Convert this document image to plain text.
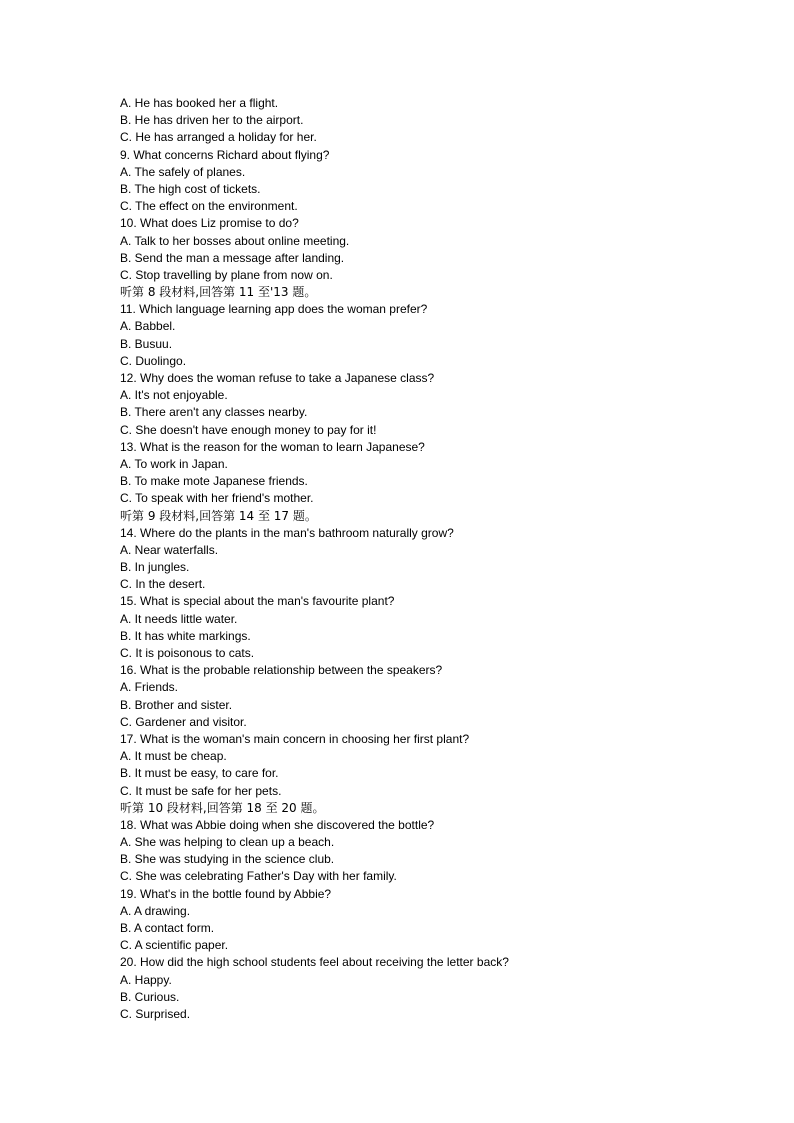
A. He has booked her a flight.
B. He has driven her to the airport.
C. He has arranged a holiday for her.
9. What concerns Richard about flying?
A. The safely of planes.
B. The high cost of tickets.
C. The effect on the environment.
10. What does Liz promise to do?
A. Talk to her bosses about online meeting.
B. Send the man a message after landing.
C. Stop travelling by plane from now on.
听第 8 段材料,回答第 11 至'13 题。
11. Which language learning app does the woman prefer?
A. Babbel.
B. Busuu.
C. Duolingo.
12. Why does the woman refuse to take a Japanese class?
A. It's not enjoyable.
B. There aren't any classes nearby.
C. She doesn't have enough money to pay for it!
13. What is the reason for the woman to learn Japanese?
A. To work in Japan.
B. To make mote Japanese friends.
C. To speak with her friend's mother.
听第 9 段材料,回答第 14 至 17 题。
14. Where do the plants in the man's bathroom naturally grow?
A. Near waterfalls.
B. In jungles.
C. In the desert.
15. What is special about the man's favourite plant?
A. It needs little water.
B. It has white markings.
C. It is poisonous to cats.
16. What is the probable relationship between the speakers?
A. Friends.
B. Brother and sister.
C. Gardener and visitor.
17. What is the woman's main concern in choosing her first plant?
A. It must be cheap.
B. It must be easy, to care for.
C. It must be safe for her pets.
听第 10 段材料,回答第 18 至 20 题。
18. What was Abbie doing when she discovered the bottle?
A. She was helping to clean up a beach.
B. She was studying in the science club.
C. She was celebrating Father's Day with her family.
19. What's in the bottle found by Abbie?
A. A drawing.
B. A contact form.
C. A scientific paper.
20. How did the high school students feel about receiving the letter back?
A. Happy.
B. Curious.
C. Surprised.
